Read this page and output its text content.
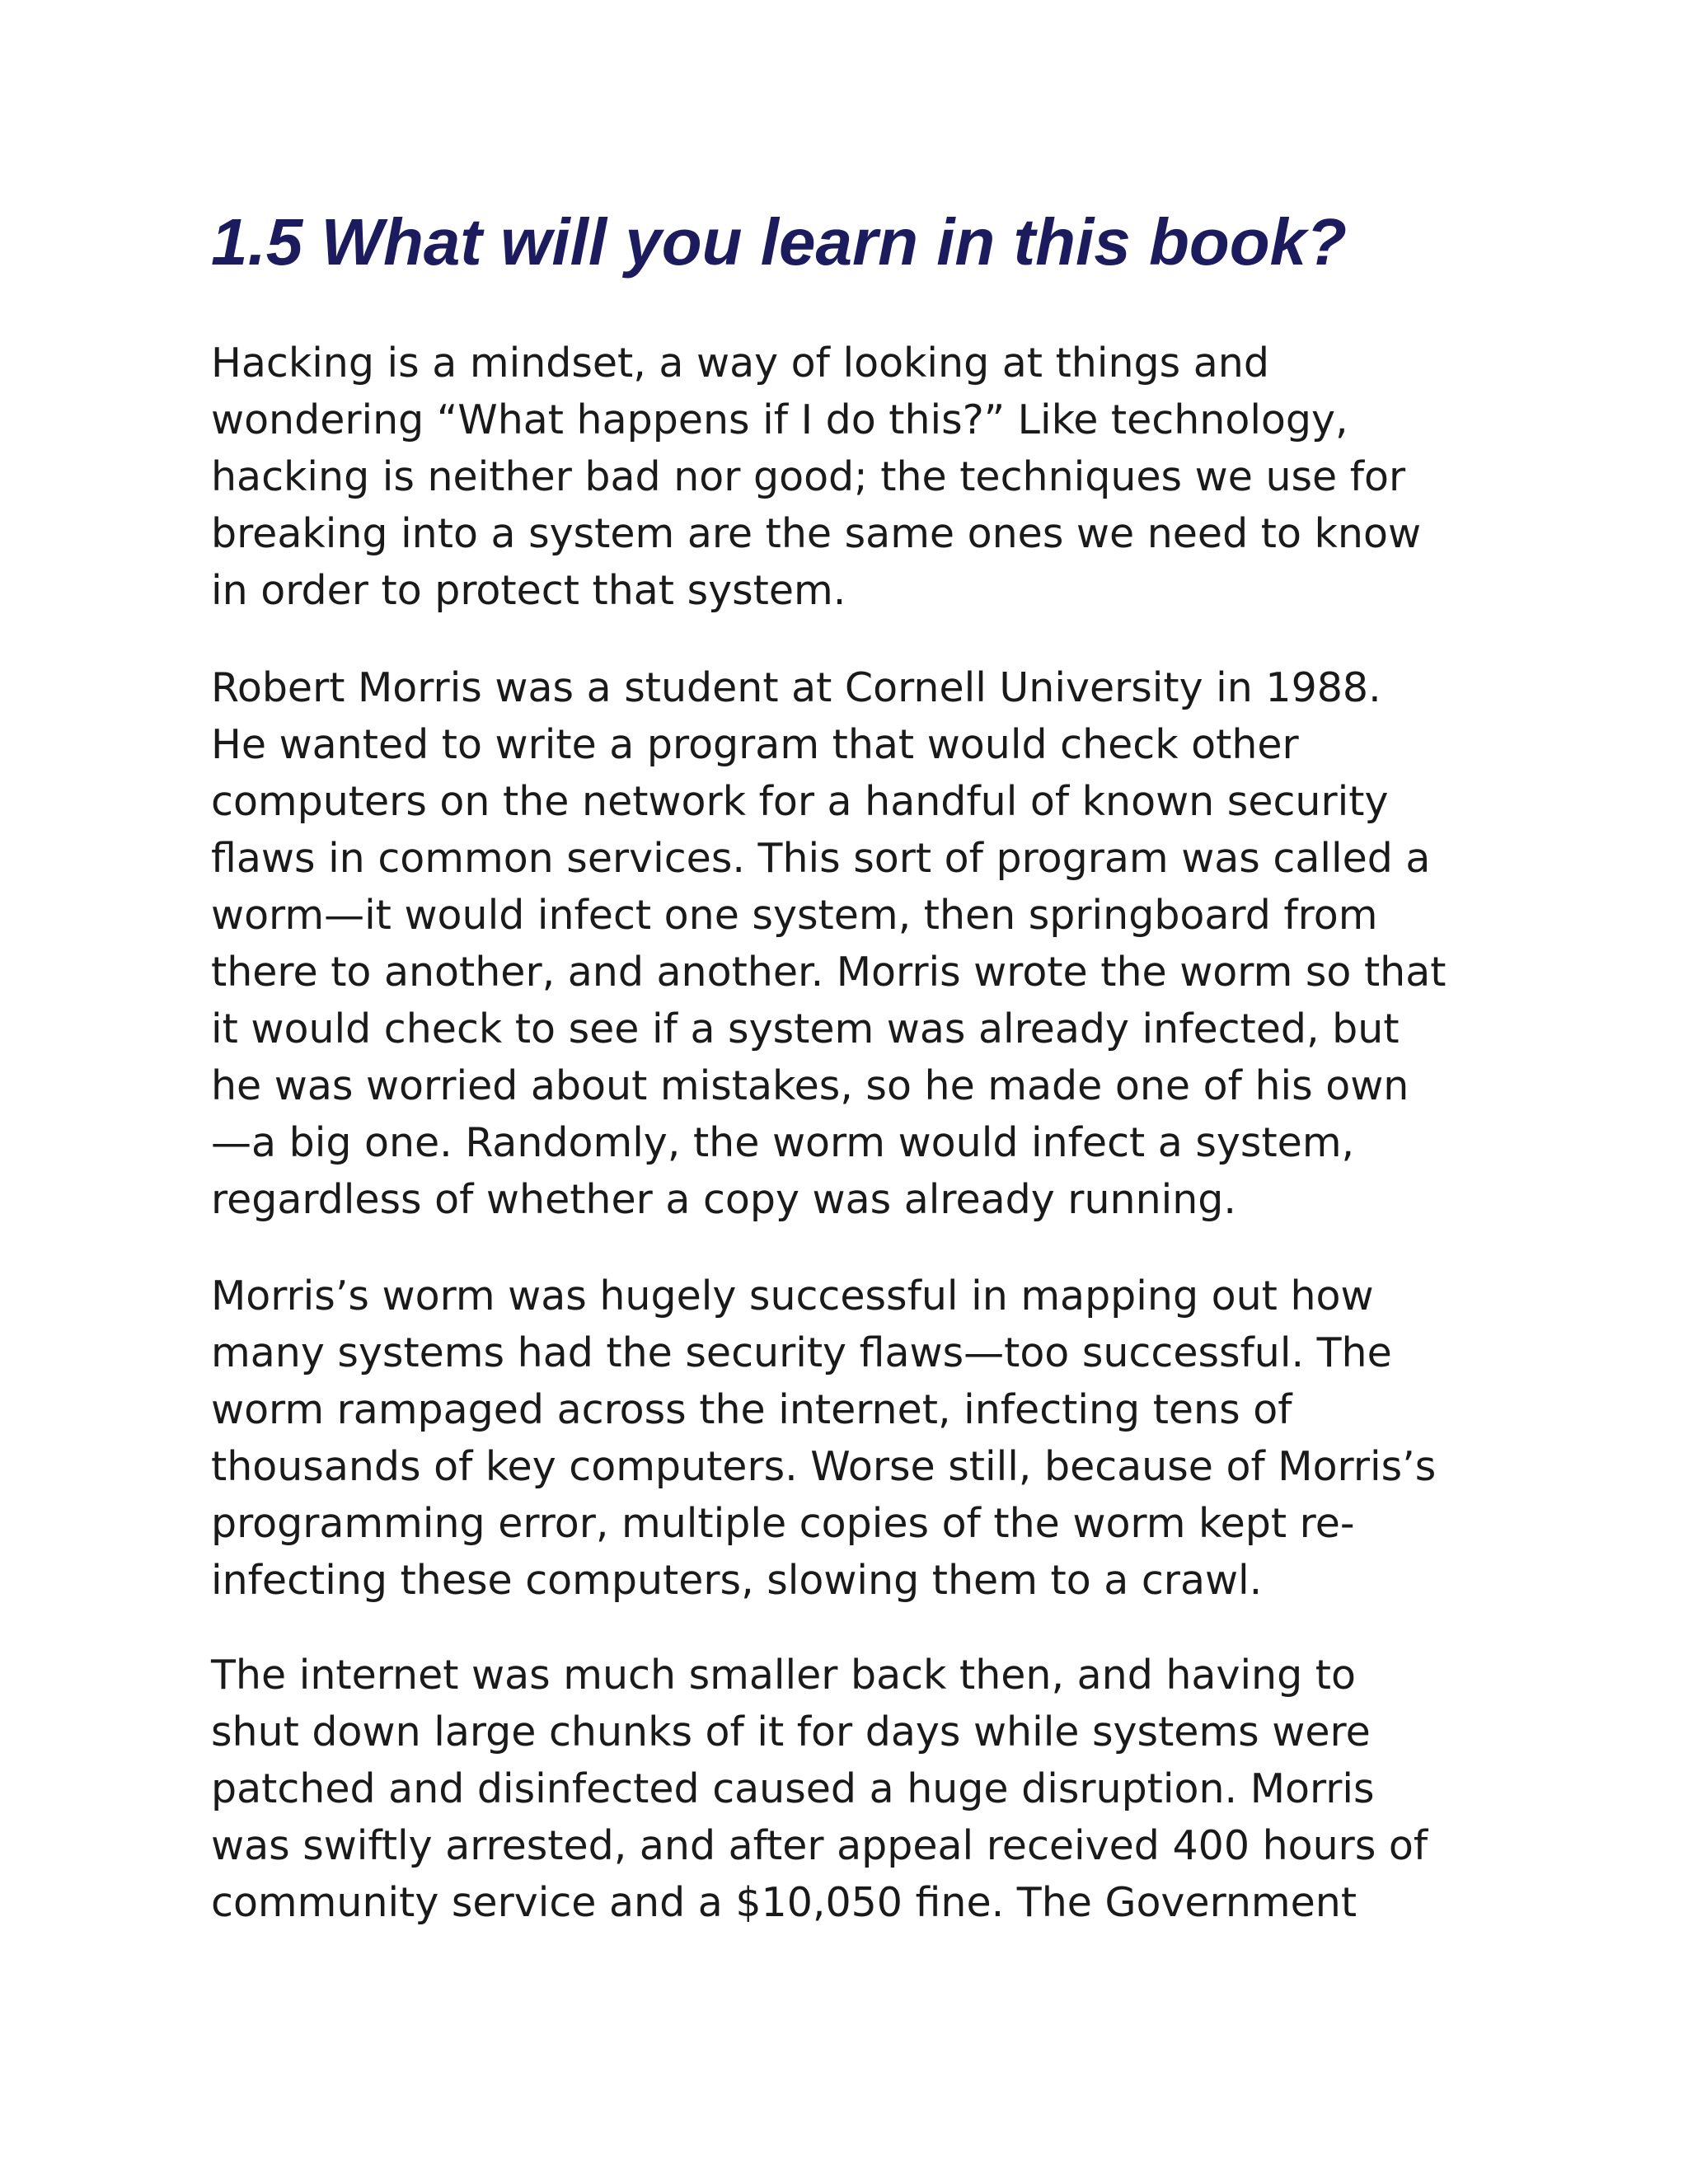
1.5 What will you learn in this book?

Hacking is a mindset, a way of looking at things and
wondering “What happens if I do this?” Like technology,
hacking is neither bad nor good; the techniques we use for
breaking into a system are the same ones we need to know
in order to protect that system.

Robert Morris was a student at Cornell University in 1988.
He wanted to write a program that would check other
computers on the network for a handful of known security
flaws in common services. This sort of program was called a
worm—it would infect one system, then springboard from
there to another, and another. Morris wrote the worm so that
it would check to see if a system was already infected, but
he was worried about mistakes, so he made one of his own
—a big one. Randomly, the worm would infect a system,
regardless of whether a copy was already running.

Morris’s worm was hugely successful in mapping out how
many systems had the security flaws—too successful. The
worm rampaged across the internet, infecting tens of
thousands of key computers. Worse still, because of Morris’s
programming error, multiple copies of the worm kept re-
infecting these computers, slowing them to a crawl.

The internet was much smaller back then, and having to
shut down large chunks of it for days while systems were
patched and disinfected caused a huge disruption. Morris
was swiftly arrested, and after appeal received 400 hours of
community service and a $10,050 fine. The Government
